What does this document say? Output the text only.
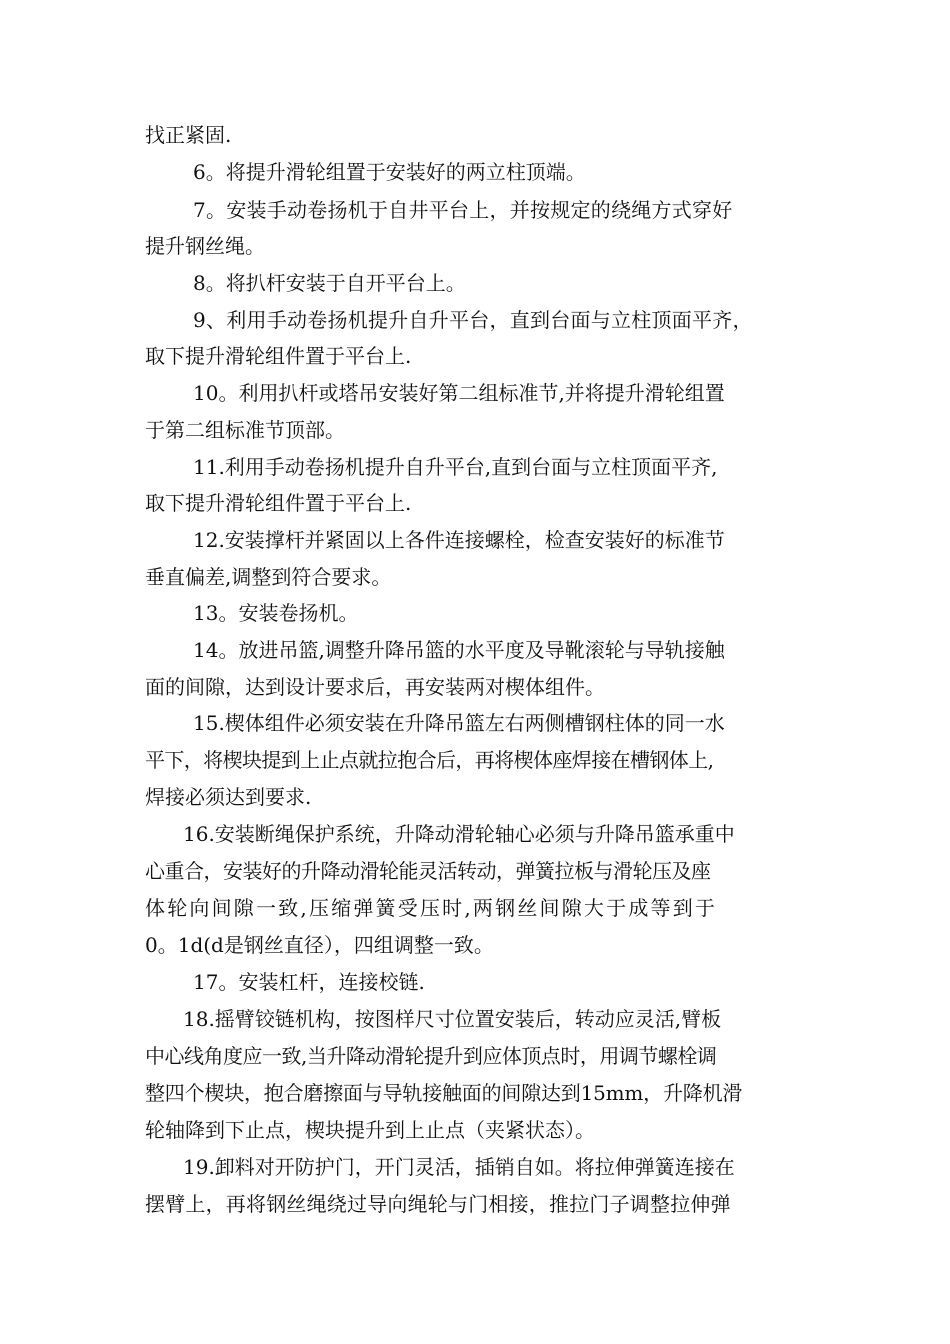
找正紧固.
6。将提升滑轮组置于安装好的两立柱顶端。
7。安装手动卷扬机于自井平台上，并按规定的绕绳方式穿好
提升钢丝绳。
8。将扒杆安装于自开平台上。
9、利用手动卷扬机提升自升平台，直到台面与立柱顶面平齐，
取下提升滑轮组件置于平台上.
10。利用扒杆或塔吊安装好第二组标准节,并将提升滑轮组置
于第二组标准节顶部。
11.利用手动卷扬机提升自升平台,直到台面与立柱顶面平齐,
取下提升滑轮组件置于平台上.
12.安装撑杆并紧固以上各件连接螺栓，检查安装好的标准节
垂直偏差,调整到符合要求。
13。安装卷扬机。
14。放进吊篮,调整升降吊篮的水平度及导靴滚轮与导轨接触
面的间隙，达到设计要求后，再安装两对楔体组件。
15.楔体组件必须安装在升降吊篮左右两侧槽钢柱体的同一水
平下，将楔块提到上止点就拉抱合后，再将楔体座焊接在槽钢体上,
焊接必须达到要求.
16.安装断绳保护系统，升降动滑轮轴心必须与升降吊篮承重中
心重合，安装好的升降动滑轮能灵活转动，弹簧拉板与滑轮压及座
体轮向间隙一致,压缩弹簧受压时,两钢丝间隙大于成等到于
0。1d(d是钢丝直径），四组调整一致。
17。安装杠杆，连接校链.
18.摇臂铰链机构，按图样尺寸位置安装后，转动应灵活,臂板
中心线角度应一致,当升降动滑轮提升到应体顶点时，用调节螺栓调
整四个楔块，抱合磨擦面与导轨接触面的间隙达到15mm，升降机滑
轮轴降到下止点，楔块提升到上止点（夹紧状态）。
19.卸料对开防护门，开门灵活，插销自如。将拉伸弹簧连接在
摆臂上，再将钢丝绳绕过导向绳轮与门相接，推拉门子调整拉伸弹
